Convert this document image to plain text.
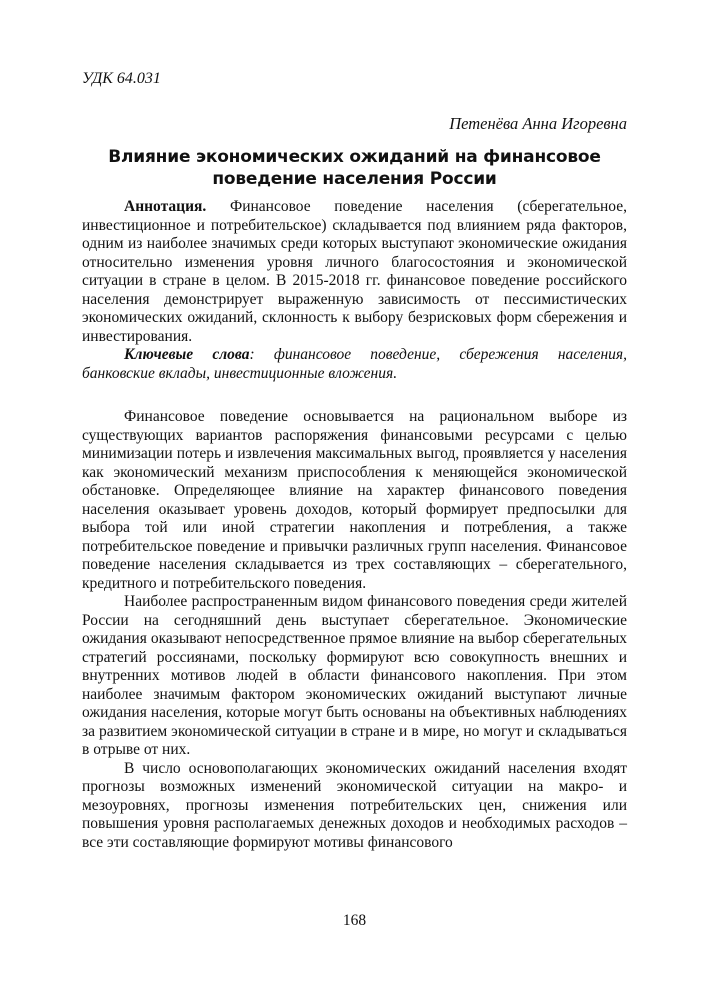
УДК 64.031
Петенёва Анна Игоревна
Влияние экономических ожиданий на финансовое
поведение населения России

Аннотация. Финансовое поведение населения (сберегательное, инвестиционное и потребительское) складывается под влиянием ряда факторов, одним из наиболее значимых среди которых выступают экономические ожидания относительно изменения уровня личного благосостояния и экономической ситуации в стране в целом. В 2015-2018 гг. финансовое поведение российского населения демонстрирует выраженную зависимость от пессимистических экономических ожиданий, склонность к выбору безрисковых форм сбережения и инвестирования.

Ключевые слова: финансовое поведение, сбережения населения, банковские вклады, инвестиционные вложения.

Финансовое поведение основывается на рациональном выборе из существующих вариантов распоряжения финансовыми ресурсами с целью минимизации потерь и извлечения максимальных выгод, проявляется у населения как экономический механизм приспособления к меняющейся экономической обстановке. Определяющее влияние на характер финансового поведения населения оказывает уровень доходов, который формирует предпосылки для выбора той или иной стратегии накопления и потребления, а также потребительское поведение и привычки различных групп населения. Финансовое поведение населения складывается из трех составляющих – сберегательного, кредитного и потребительского поведения.

Наиболее распространенным видом финансового поведения среди жителей России на сегодняшний день выступает сберегательное. Экономические ожидания оказывают непосредственное прямое влияние на выбор сберегательных стратегий россиянами, поскольку формируют всю совокупность внешних и внутренних мотивов людей в области финансового накопления. При этом наиболее значимым фактором экономических ожиданий выступают личные ожидания населения, которые могут быть основаны на объективных наблюдениях за развитием экономической ситуации в стране и в мире, но могут и складываться в отрыве от них.

В число основополагающих экономических ожиданий населения входят прогнозы возможных изменений экономической ситуации на макро- и мезоуровнях, прогнозы изменения потребительских цен, снижения или повышения уровня располагаемых денежных доходов и необходимых расходов – все эти составляющие формируют мотивы финансового

168
